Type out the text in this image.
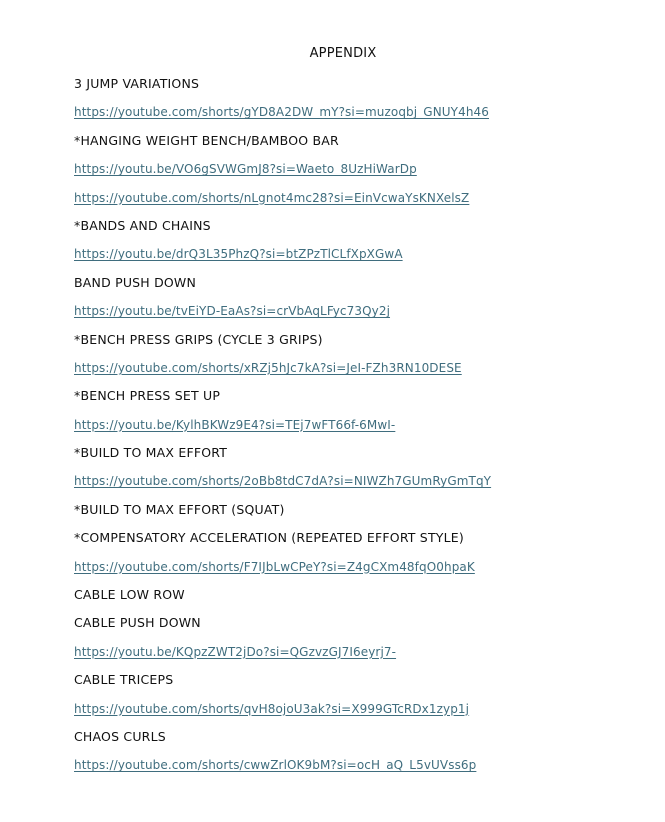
APPENDIX
3 JUMP VARIATIONS
https://youtube.com/shorts/gYD8A2DW_mY?si=muzoqbj_GNUY4h46
*HANGING WEIGHT BENCH/BAMBOO BAR
https://youtu.be/VO6gSVWGmJ8?si=Waeto_8UzHiWarDp
https://youtube.com/shorts/nLgnot4mc28?si=EinVcwaYsKNXelsZ
*BANDS AND CHAINS
https://youtu.be/drQ3L35PhzQ?si=btZPzTlCLfXpXGwA
BAND PUSH DOWN
https://youtu.be/tvEiYD-EaAs?si=crVbAqLFyc73Qy2j
*BENCH PRESS GRIPS (CYCLE 3 GRIPS)
https://youtube.com/shorts/xRZj5hJc7kA?si=JeI-FZh3RN10DESE
*BENCH PRESS SET UP
https://youtu.be/KylhBKWz9E4?si=TEj7wFT66f-6MwI-
*BUILD TO MAX EFFORT
https://youtube.com/shorts/2oBb8tdC7dA?si=NIWZh7GUmRyGmTqY
*BUILD TO MAX EFFORT (SQUAT)
*COMPENSATORY ACCELERATION (REPEATED EFFORT STYLE)
https://youtube.com/shorts/F7IJbLwCPeY?si=Z4gCXm48fqO0hpaK
CABLE LOW ROW
CABLE PUSH DOWN
https://youtu.be/KQpzZWT2jDo?si=QGzvzGJ7I6eyrj7-
CABLE TRICEPS
https://youtube.com/shorts/qvH8ojoU3ak?si=X999GTcRDx1zyp1j
CHAOS CURLS
https://youtube.com/shorts/cwwZrlOK9bM?si=ocH_aQ_L5vUVss6p
